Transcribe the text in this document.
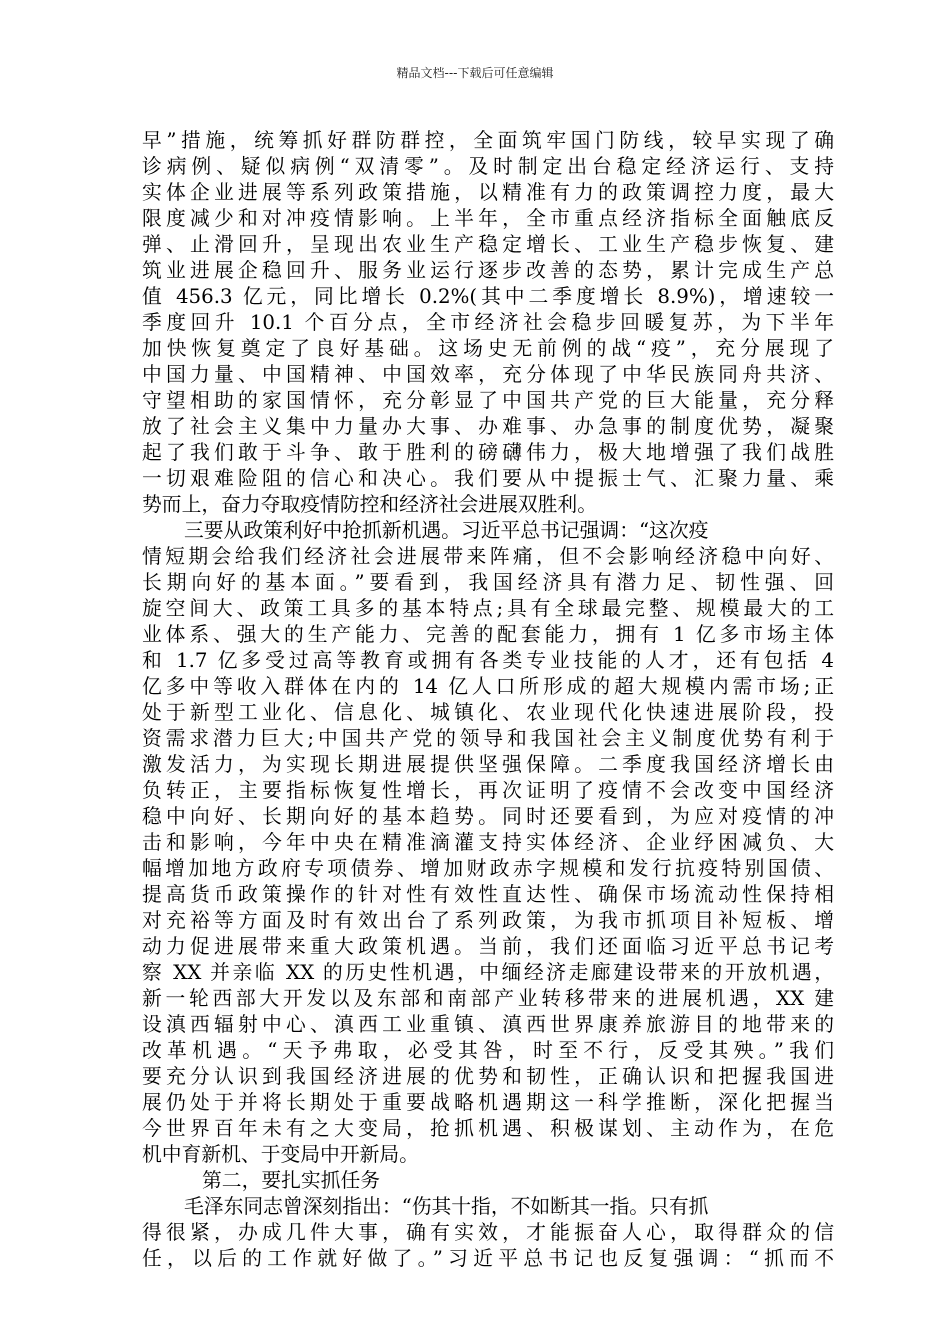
精品文档---下载后可任意编辑
早”措施，统筹抓好群防群控，全面筑牢国门防线，较早实现了确
诊病例、疑似病例“双清零”。及时制定出台稳定经济运行、支持
实体企业进展等系列政策措施，以精准有力的政策调控力度，最大
限度减少和对冲疫情影响。上半年，全市重点经济指标全面触底反
弹、止滑回升，呈现出农业生产稳定增长、工业生产稳步恢复、建
筑业进展企稳回升、服务业运行逐步改善的态势，累计完成生产总
值 456.3 亿元，同比增长 0.2%(其中二季度增长 8.9%)，增速较一
季度回升 10.1 个百分点，全市经济社会稳步回暖复苏，为下半年
加快恢复奠定了良好基础。这场史无前例的战“疫”，充分展现了
中国力量、中国精神、中国效率，充分体现了中华民族同舟共济、
守望相助的家国情怀，充分彰显了中国共产党的巨大能量，充分释
放了社会主义集中力量办大事、办难事、办急事的制度优势，凝聚
起了我们敢于斗争、敢于胜利的磅礴伟力，极大地增强了我们战胜
一切艰难险阻的信心和决心。我们要从中提振士气、汇聚力量、乘
势而上，奋力夺取疫情防控和经济社会进展双胜利。
三要从政策利好中抢抓新机遇。习近平总书记强调：“这次疫
情短期会给我们经济社会进展带来阵痛，但不会影响经济稳中向好、
长期向好的基本面。”要看到，我国经济具有潜力足、韧性强、回
旋空间大、政策工具多的基本特点;具有全球最完整、规模最大的工
业体系、强大的生产能力、完善的配套能力，拥有 1 亿多市场主体
和 1.7 亿多受过高等教育或拥有各类专业技能的人才，还有包括 4
亿多中等收入群体在内的 14 亿人口所形成的超大规模内需市场;正
处于新型工业化、信息化、城镇化、农业现代化快速进展阶段，投
资需求潜力巨大;中国共产党的领导和我国社会主义制度优势有利于
激发活力，为实现长期进展提供坚强保障。二季度我国经济增长由
负转正，主要指标恢复性增长，再次证明了疫情不会改变中国经济
稳中向好、长期向好的基本趋势。同时还要看到，为应对疫情的冲
击和影响，今年中央在精准滴灌支持实体经济、企业纾困减负、大
幅增加地方政府专项债券、增加财政赤字规模和发行抗疫特别国债、
提高货币政策操作的针对性有效性直达性、确保市场流动性保持相
对充裕等方面及时有效出台了系列政策，为我市抓项目补短板、增
动力促进展带来重大政策机遇。当前，我们还面临习近平总书记考
察 XX 并亲临 XX 的历史性机遇，中缅经济走廊建设带来的开放机遇，
新一轮西部大开发以及东部和南部产业转移带来的进展机遇，XX 建
设滇西辐射中心、滇西工业重镇、滇西世界康养旅游目的地带来的
改革机遇。“天予弗取，必受其咎，时至不行，反受其殃。”我们
要充分认识到我国经济进展的优势和韧性，正确认识和把握我国进
展仍处于并将长期处于重要战略机遇期这一科学推断，深化把握当
今世界百年未有之大变局，抢抓机遇、积极谋划、主动作为，在危
机中育新机、于变局中开新局。
第二，要扎实抓任务
毛泽东同志曾深刻指出：“伤其十指，不如断其一指。只有抓
得很紧，办成几件大事，确有实效，才能振奋人心，取得群众的信
任，以后的工作就好做了。”习近平总书记也反复强调：“抓而不
